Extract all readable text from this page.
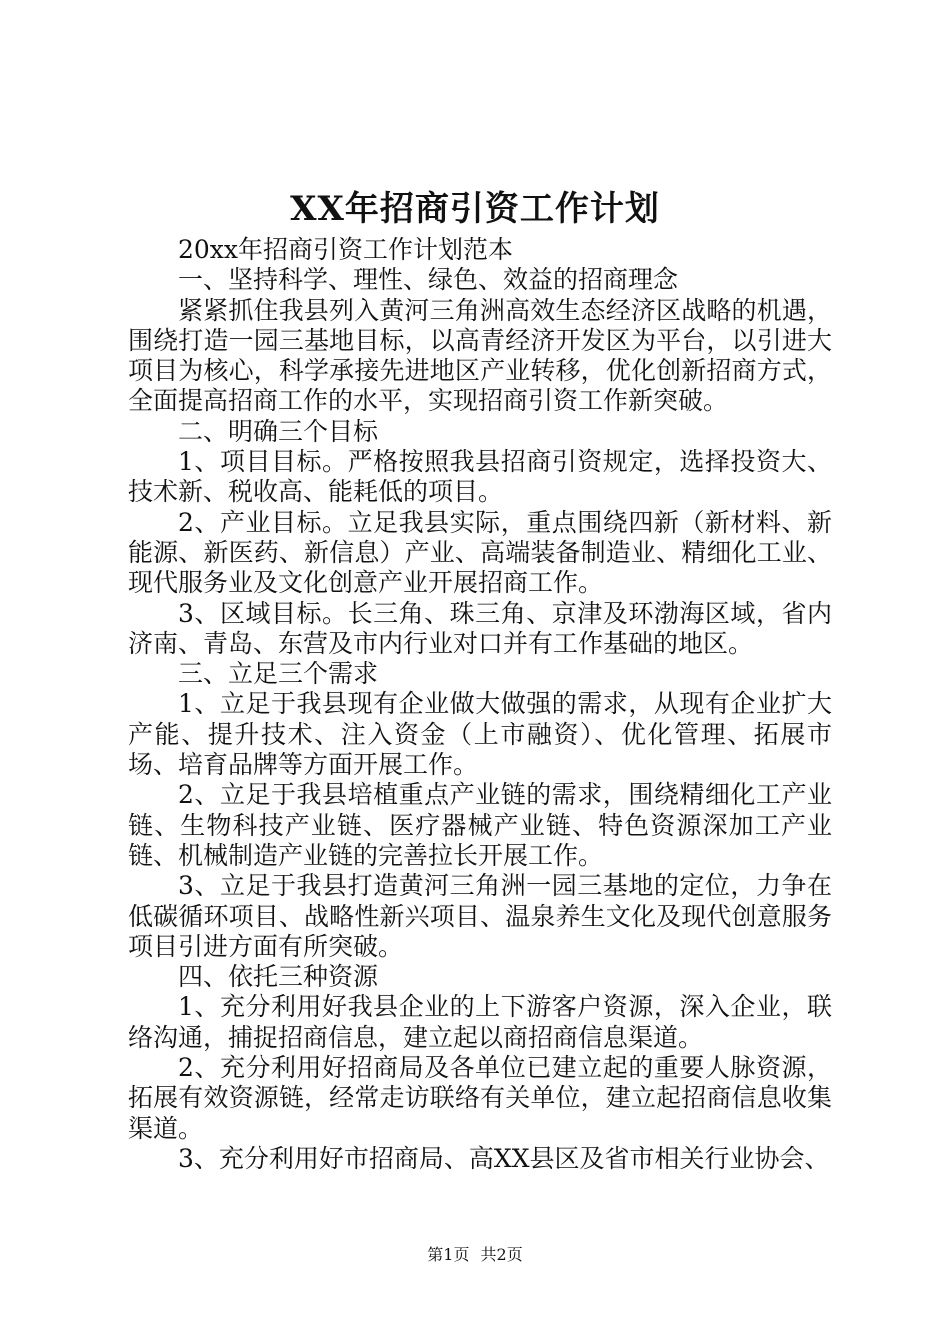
XX年招商引资工作计划

20xx年招商引资工作计划范本

一、坚持科学、理性、绿色、效益的招商理念

紧紧抓住我县列入黄河三角洲高效生态经济区战略的机遇，围绕打造一园三基地目标，以高青经济开发区为平台，以引进大项目为核心，科学承接先进地区产业转移，优化创新招商方式，全面提高招商工作的水平，实现招商引资工作新突破。

二、明确三个目标

1、项目目标。严格按照我县招商引资规定，选择投资大、技术新、税收高、能耗低的项目。

2、产业目标。立足我县实际，重点围绕四新（新材料、新能源、新医药、新信息）产业、高端装备制造业、精细化工业、现代服务业及文化创意产业开展招商工作。

3、区域目标。长三角、珠三角、京津及环渤海区域，省内济南、青岛、东营及市内行业对口并有工作基础的地区。

三、立足三个需求

1、立足于我县现有企业做大做强的需求，从现有企业扩大产能、提升技术、注入资金（上市融资）、优化管理、拓展市场、培育品牌等方面开展工作。

2、立足于我县培植重点产业链的需求，围绕精细化工产业链、生物科技产业链、医疗器械产业链、特色资源深加工产业链、机械制造产业链的完善拉长开展工作。

3、立足于我县打造黄河三角洲一园三基地的定位，力争在低碳循环项目、战略性新兴项目、温泉养生文化及现代创意服务项目引进方面有所突破。

四、依托三种资源

1、充分利用好我县企业的上下游客户资源，深入企业，联络沟通，捕捉招商信息，建立起以商招商信息渠道。

2、充分利用好招商局及各单位已建立起的重要人脉资源，拓展有效资源链，经常走访联络有关单位，建立起招商信息收集渠道。

3、充分利用好市招商局、高XX县区及省市相关行业协会、

第1页 共2页
